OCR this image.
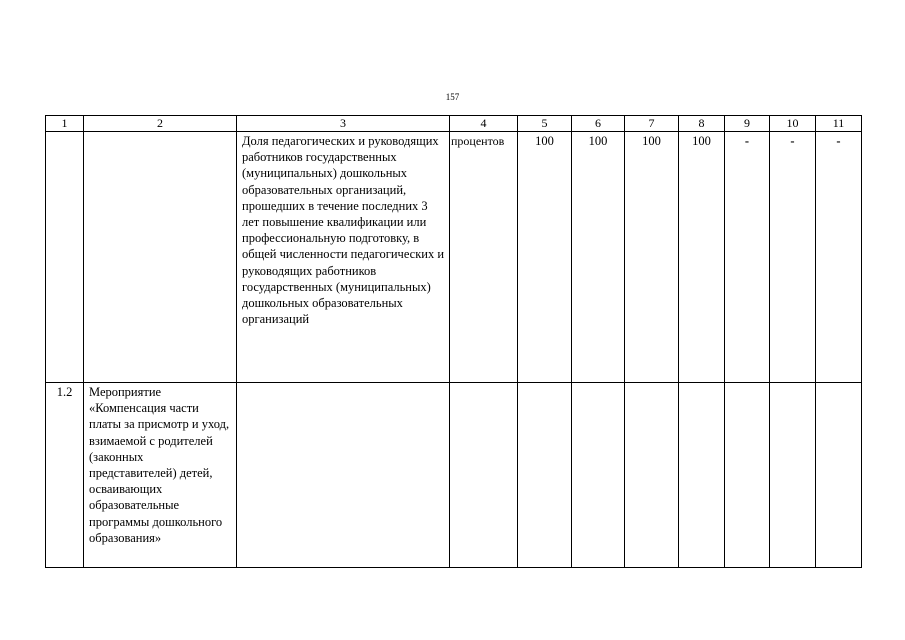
157
1	2	3	4	5	6	7	8	9	10	11
		Доля педагогических и руководящих работников государственных (муниципальных) дошкольных образовательных организаций, прошедших в течение последних 3 лет повышение квалификации или профессиональную подготовку, в общей численности педагогических и руководящих работников государственных (муниципальных) дошкольных образовательных организаций	процентов	100	100	100	100	-	-	-
1.2	Мероприятие «Компенсация части платы за присмотр и уход, взимаемой с родителей (законных представителей) детей, осваивающих образовательные программы дошкольного образования»									
